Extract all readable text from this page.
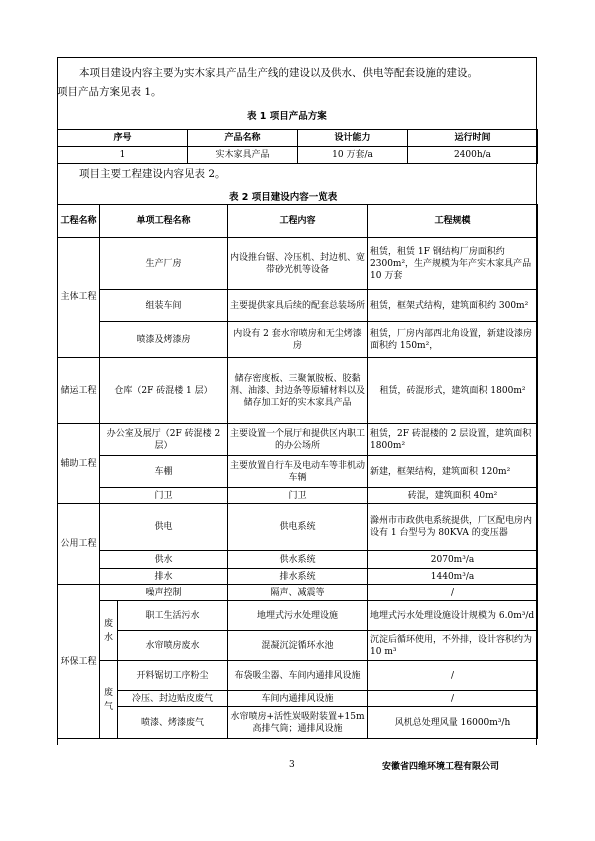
本项目建设内容主要为实木家具产品生产线的建设以及供水、供电等配套设施的建设。
项目产品方案见表 1。
表 1 项目产品方案
序号	产品名称	设计能力	运行时间
1	实木家具产品	10 万套/a	2400h/a
项目主要工程建设内容见表 2。
表 2 项目建设内容一览表
工程名称	单项工程名称		工程内容	工程规模
主体工程	生产厂房		内设推台锯、冷压机、封边机、宽带砂光机等设备	租赁，租赁 1F 钢结构厂房面积约 2300m²，生产规模为年产实木家具产品 10 万套
	组装车间		主要提供家具后续的配套总装场所	租赁，框架式结构，建筑面积约 300m²
	喷漆及烤漆房		内设有 2 套水帘喷房和无尘烤漆房	租赁，厂房内部西北角设置，新建设漆房面积约 150m²，
储运工程	仓库（2F 砖混楼 1 层）		储存密度板、三聚氰胺板、胶黏剂、油漆、封边条等原辅材料以及储存加工好的实木家具产品	租赁，砖混形式，建筑面积 1800m²
辅助工程	办公室及展厅（2F 砖混楼 2 层）		主要设置一个展厅和提供区内职工的办公场所	租赁，2F 砖混楼的 2 层设置，建筑面积 1800m²
	车棚		主要放置自行车及电动车等非机动车辆	新建，框架结构，建筑面积 120m²
	门卫		门卫	砖混，建筑面积 40m²
公用工程	供电		供电系统	滁州市市政供电系统提供，厂区配电房内设有 1 台型号为 80KVA 的变压器
	供水		供水系统	2070m³/a
	排水		排水系统	1440m³/a
环保工程	噪声控制		隔声、减震等	/
	废水	职工生活污水	地埋式污水处理设施	地埋式污水处理设施设计规模为 6.0m³/d
		水帘喷房废水	混凝沉淀循环水池	沉淀后循环使用，不外排，设计容积约为 10 m³
	废气	开料锯切工序粉尘	布袋吸尘器、车间内通排风设施	/
		冷压、封边贴皮废气	车间内通排风设施	/
		喷漆、烤漆废气	水帘喷房+活性炭吸附装置+15m 高排气筒；通排风设施	风机总处理风量 16000m³/h
3	安徽省四维环境工程有限公司
